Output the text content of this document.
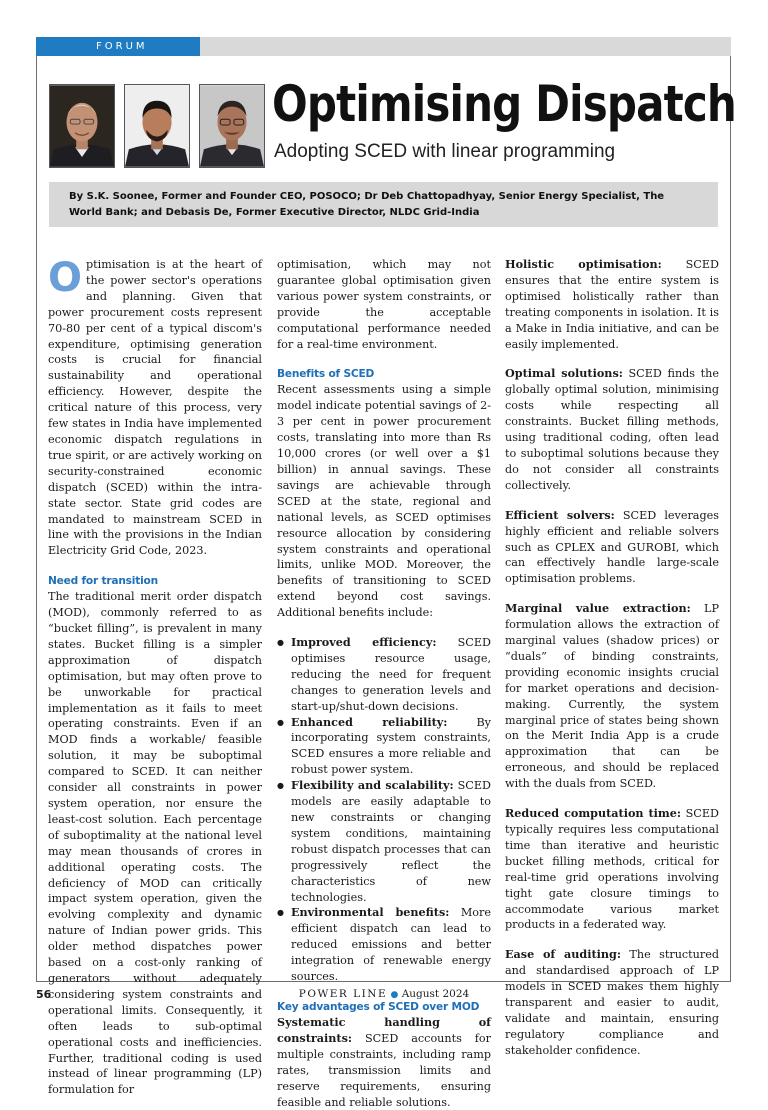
FORUM
Optimising Dispatch
Adopting SCED with linear programming
By S.K. Soonee, Former and Founder CEO, POSOCO; Dr Deb Chattopadhyay, Senior Energy Specialist, The World Bank; and Debasis De, Former Executive Director, NLDC Grid-India

Optimisation is at the heart of the power sector's operations and planning. Given that power procurement costs represent 70-80 per cent of a typical discom's expenditure, optimising generation costs is crucial for financial sustainability and operational efficiency. However, despite the critical nature of this process, very few states in India have implemented economic dispatch regulations in true spirit, or are actively working on security-constrained economic dispatch (SCED) within the intra-state sector. State grid codes are mandated to mainstream SCED in line with the provisions in the Indian Electricity Grid Code, 2023.

Need for transition

The traditional merit order dispatch (MOD), commonly referred to as “bucket filling”, is prevalent in many states. Bucket filling is a simpler approximation of dispatch optimisation, but may often prove to be unworkable for practical implementation as it fails to meet operating constraints. Even if an MOD finds a workable/ feasible solution, it may be suboptimal compared to SCED. It can neither consider all constraints in power system operation, nor ensure the least-cost solution. Each percentage of suboptimality at the national level may mean thousands of crores in additional operating costs. The deficiency of MOD can critically impact system operation, given the evolving complexity and dynamic nature of Indian power grids. This older method dispatches power based on a cost-only ranking of generators without adequately considering system constraints and operational limits. Consequently, it often leads to sub-optimal operational costs and inefficiencies. Further, traditional coding is used instead of linear programming (LP) formulation for

optimisation, which may not guarantee global optimisation given various power system constraints, or provide the acceptable computational performance needed for a real-time environment.

Benefits of SCED

Recent assessments using a simple model indicate potential savings of 2-3 per cent in power procurement costs, translating into more than Rs 10,000 crores (or well over a $1 billion) in annual savings. These savings are achievable through SCED at the state, regional and national levels, as SCED optimises resource allocation by considering system constraints and operational limits, unlike MOD. Moreover, the benefits of transitioning to SCED extend beyond cost savings. Additional benefits include:

● Improved efficiency: SCED optimises resource usage, reducing the need for frequent changes to generation levels and start-up/shut-down decisions.
● Enhanced reliability: By incorporating system constraints, SCED ensures a more reliable and robust power system.
● Flexibility and scalability: SCED models are easily adaptable to new constraints or changing system conditions, maintaining robust dispatch processes that can progressively reflect the characteristics of new technologies.
● Environmental benefits: More efficient dispatch can lead to reduced emissions and better integration of renewable energy sources.
Key advantages of SCED over MOD

Systematic handling of constraints: SCED accounts for multiple constraints, including ramp rates, transmission limits and reserve requirements, ensuring feasible and reliable solutions.

Holistic optimisation: SCED ensures that the entire system is optimised holistically rather than treating components in isolation. It is a Make in India initiative, and can be easily implemented.

Optimal solutions: SCED finds the globally optimal solution, minimising costs while respecting all constraints. Bucket filling methods, using traditional coding, often lead to suboptimal solutions because they do not consider all constraints collectively.

Efficient solvers: SCED leverages highly efficient and reliable solvers such as CPLEX and GUROBI, which can effectively handle large-scale optimisation problems.

Marginal value extraction: LP formulation allows the extraction of marginal values (shadow prices) or “duals” of binding constraints, providing economic insights crucial for market operations and decision-making. Currently, the system marginal price of states being shown on the Merit India App is a crude approximation that can be erroneous, and should be replaced with the duals from SCED.

Reduced computation time: SCED typically requires less computational time than iterative and heuristic bucket filling methods, critical for real-time grid operations involving tight gate closure timings to accommodate various market products in a federated way.

Ease of auditing: The structured and standardised approach of LP models in SCED makes them highly transparent and easier to audit, validate and maintain, ensuring regulatory compliance and stakeholder confidence.

56	POWER LINE ● August 2024
